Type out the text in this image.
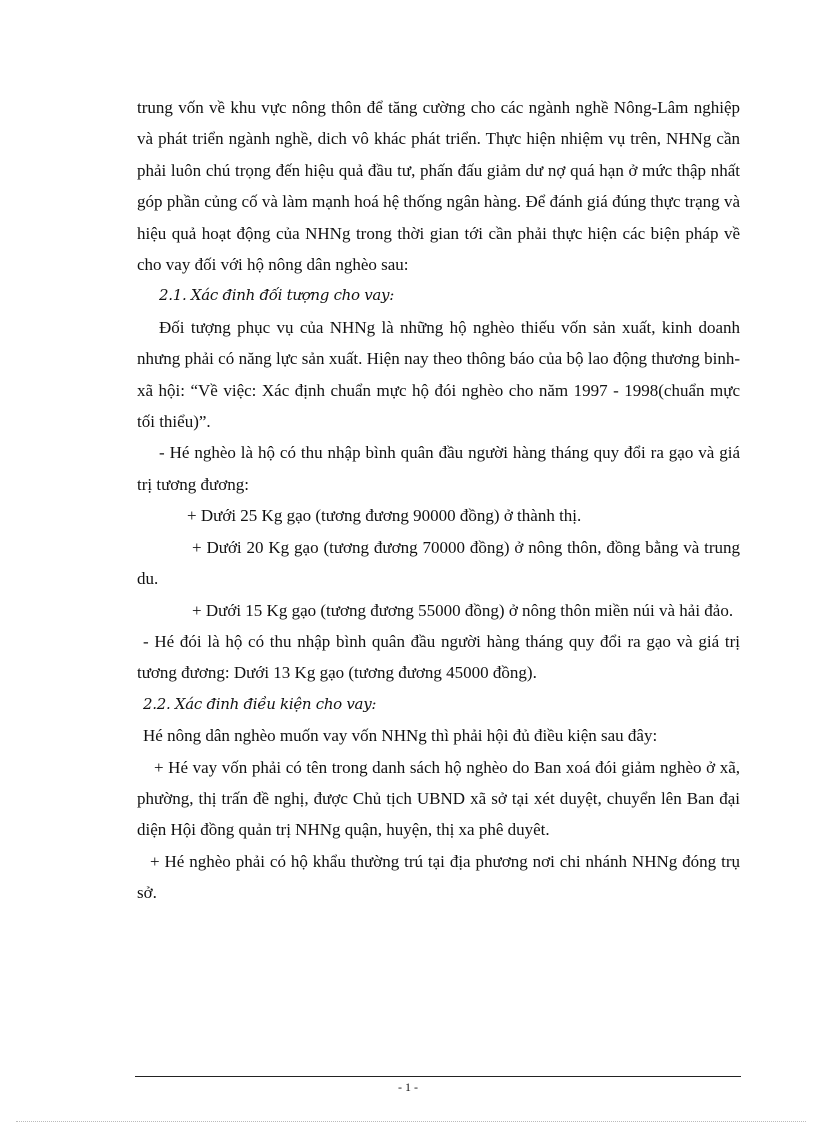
trung vốn về khu vực nông thôn để tăng cường cho các ngành nghề Nông-Lâm nghiệp và phát triển ngành nghề, dich vô khác phát triển. Thực hiện nhiệm vụ trên, NHNg cần phải luôn chú trọng đến hiệu quả đầu tư, phấn đấu giảm dư nợ quá hạn ở mức thập nhất góp phần củng cố và làm mạnh hoá hệ thống ngân hàng. Để đánh giá đúng thực trạng và hiệu quả hoạt động của NHNg trong thời gian tới cần phải thực hiện các biện pháp về cho vay đối với hộ nông dân nghèo sau:

2.1. Xác đinh đối tượng cho vay:

Đối tượng phục vụ của NHNg là những hộ nghèo thiếu vốn sản xuất, kinh doanh nhưng phải có năng lực sản xuất. Hiện nay theo thông báo của bộ lao động thương binh- xã hội: “Về việc: Xác định chuẩn mực hộ đói nghèo cho năm 1997 - 1998(chuẩn mực tối thiểu)”.

- Hé nghèo là hộ có thu nhập bình quân đầu người hàng tháng quy đổi ra gạo và giá trị tương đương:

+ Dưới 25 Kg gạo (tương đương 90000 đồng) ở thành thị.

+ Dưới 20 Kg gạo (tương đương 70000 đồng) ở nông thôn, đồng bằng và trung du.

+ Dưới 15 Kg gạo (tương đương 55000 đồng) ở nông thôn miền núi và hải đảo.

- Hé đói là hộ có thu nhập bình quân đầu người hàng tháng quy đổi ra gạo và giá trị tương đương: Dưới 13 Kg gạo (tương đương 45000 đồng).

2.2. Xác đinh điều kiện cho vay:

Hé nông dân nghèo muốn vay vốn NHNg thì phải hội đủ điều kiện sau đây:

+ Hé vay vốn phải có tên trong danh sách hộ nghèo do Ban xoá đói giảm nghèo ở xã, phường, thị trấn đề nghị, được Chủ tịch UBND xã sở tại xét duyệt, chuyển lên Ban đại diện Hội đồng quản trị NHNg quận, huyện, thị xa phê duyêt.

+ Hé nghèo phải có hộ khẩu thường trú tại địa phương nơi chi nhánh NHNg đóng trụ sở.

- 1 -
